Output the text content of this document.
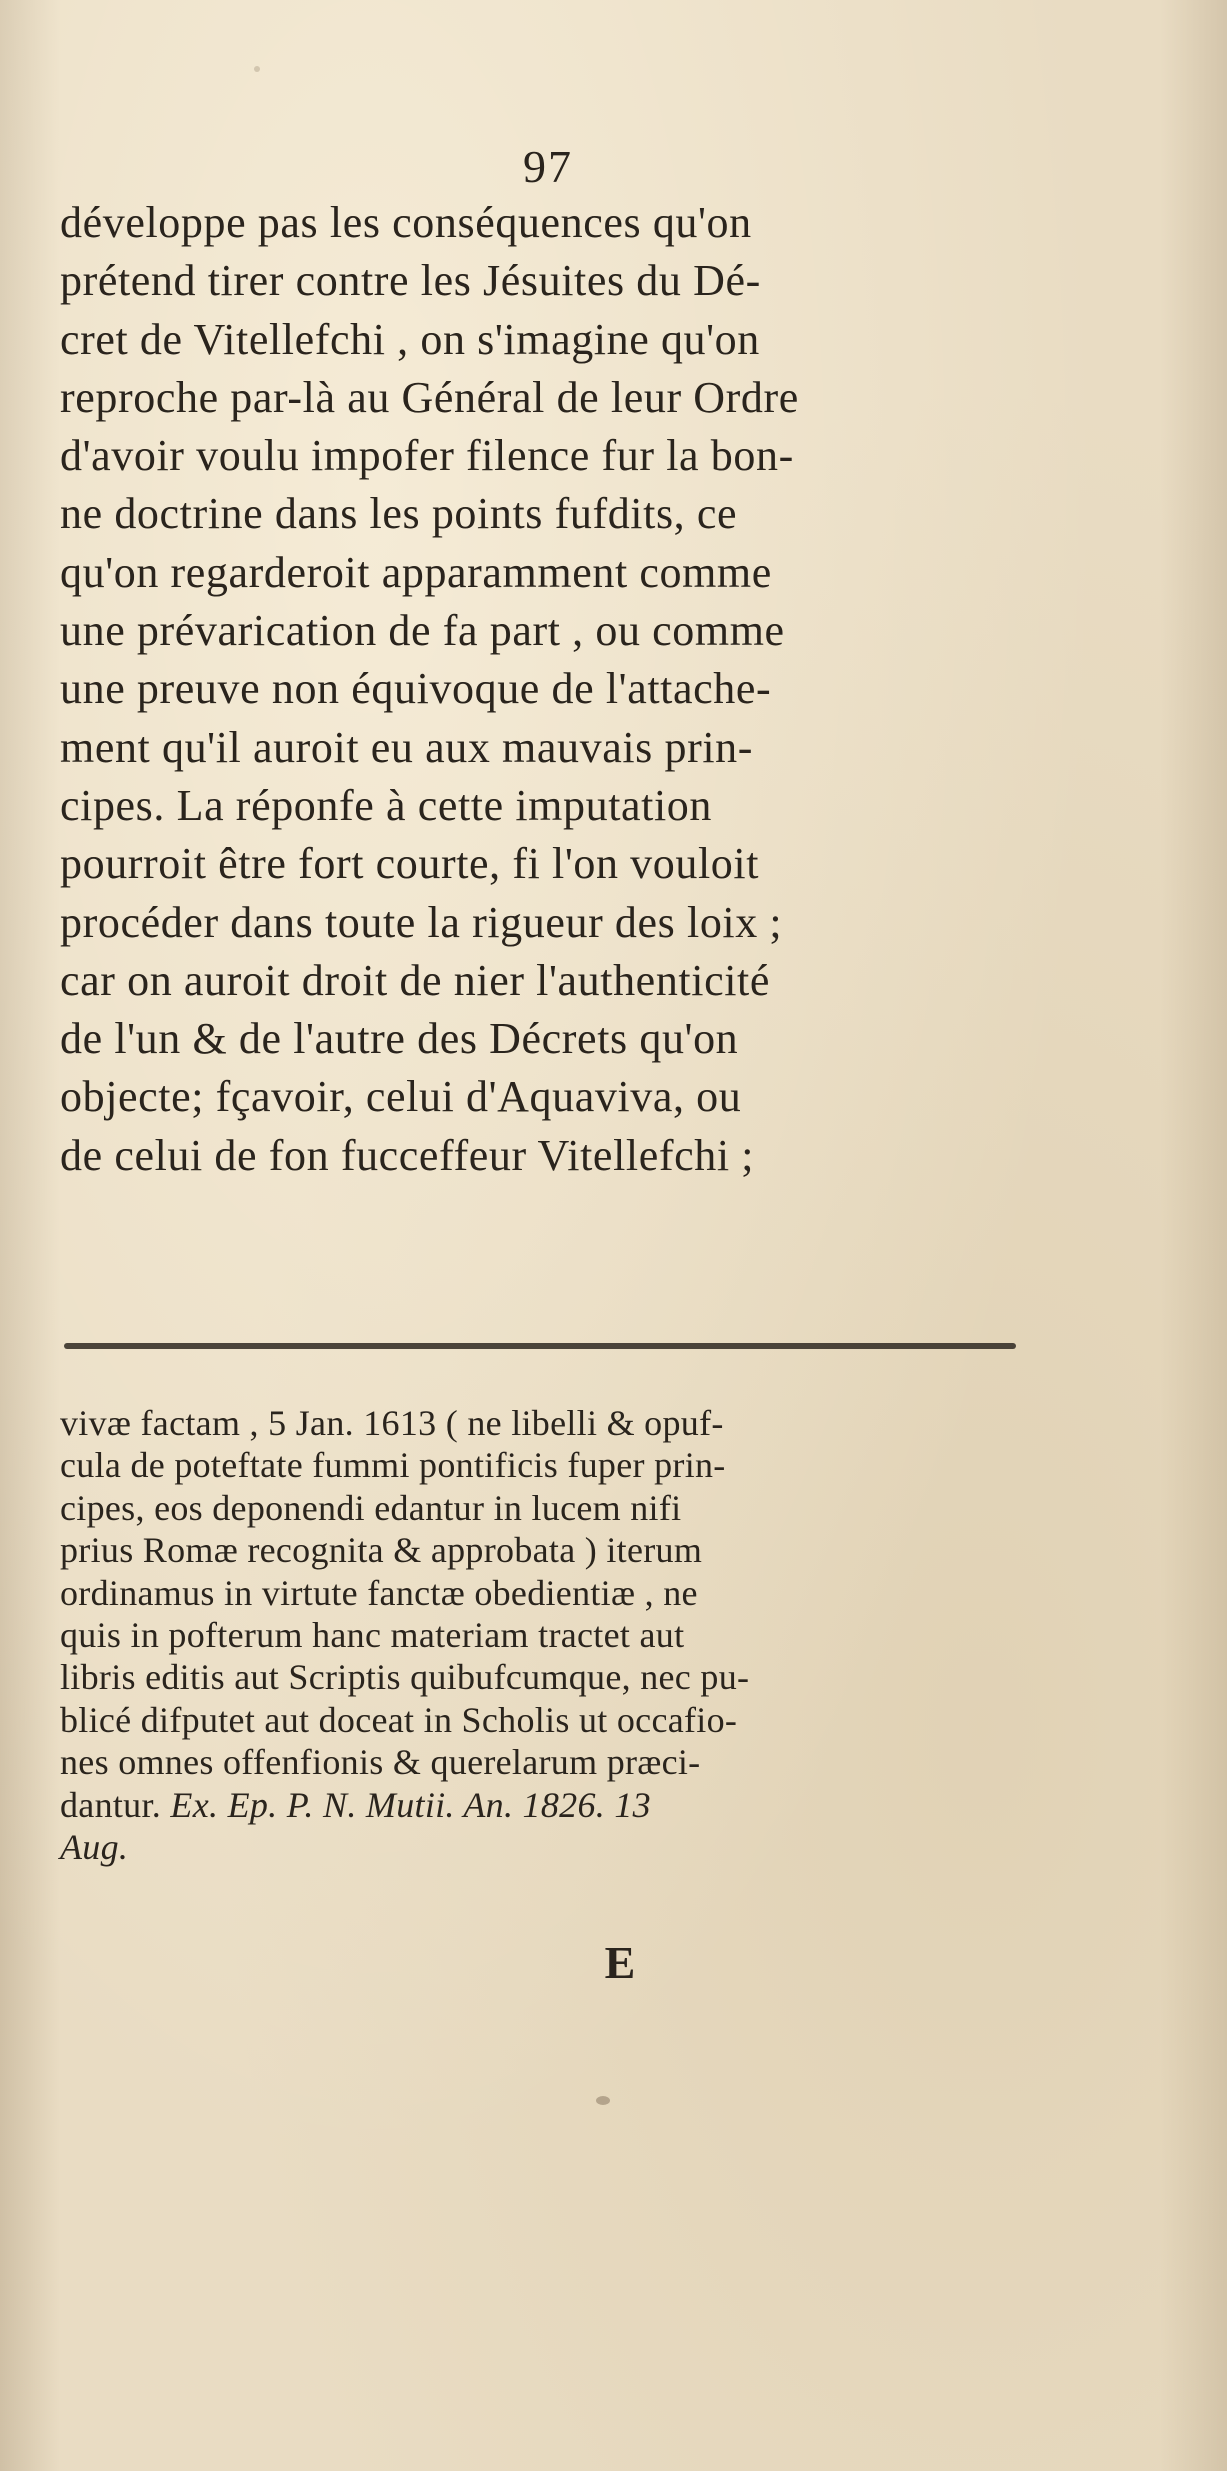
97
développe pas les conséquences qu'on
prétend tirer contre les Jésuites du Dé-
cret de Vitellefchi , on s'imagine qu'on
reproche par-là au Général de leur Ordre
d'avoir voulu impofer filence fur la bon-
ne doctrine dans les points fufdits, ce
qu'on regarderoit apparamment comme
une prévarication de fa part , ou comme
une preuve non équivoque de l'attache-
ment qu'il auroit eu aux mauvais prin-
cipes. La réponfe à cette imputation
pourroit être fort courte, fi l'on vouloit
procéder dans toute la rigueur des loix ;
car on auroit droit de nier l'authenticité
de l'un & de l'autre des Décrets qu'on
objecte; fçavoir, celui d'Aquaviva, ou
de celui de fon fucceffeur Vitellefchi ;
vivæ factam , 5 Jan. 1613 ( ne libelli & opuf-
cula de poteftate fummi pontificis fuper prin-
cipes, eos deponendi edantur in lucem nifi
prius Romæ recognita & approbata ) iterum
ordinamus in virtute fanctæ obedientiæ , ne
quis in pofterum hanc materiam tractet aut
libris editis aut Scriptis quibufcumque, nec pu-
blicé difputet aut doceat in Scholis ut occafio-
nes omnes offenfionis & querelarum præci-
dantur. Ex. Ep. P. N. Mutii. An. 1826. 13
Aug.
E
